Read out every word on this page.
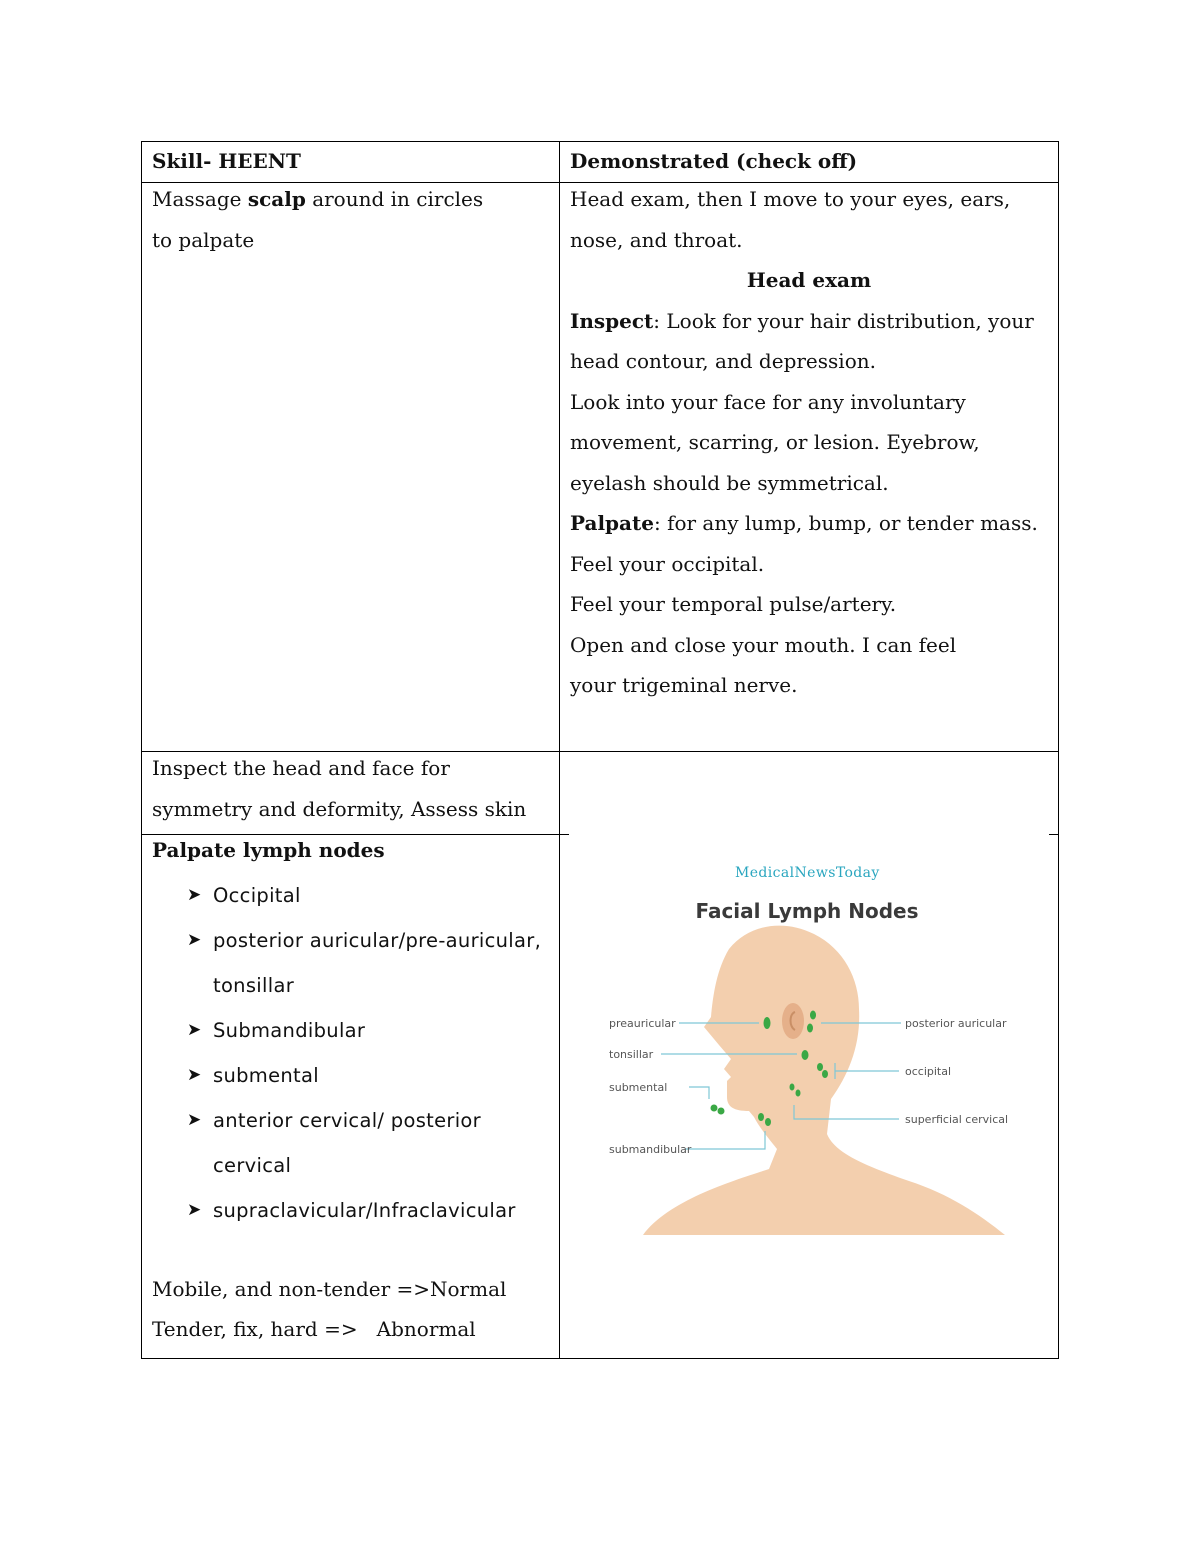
Skill- HEENT	Demonstrated (check off)
Massage scalp around in circles to palpate
Head exam, then I move to your eyes, ears, nose, and throat.
Head exam
Inspect: Look for your hair distribution, your head contour, and depression.
Look into your face for any involuntary movement, scarring, or lesion. Eyebrow, eyelash should be symmetrical.
Palpate: for any lump, bump, or tender mass.
Feel your occipital.
Feel your temporal pulse/artery.
Open and close your mouth. I can feel your trigeminal nerve.
Inspect the head and face for symmetry and deformity, Assess skin
Palpate lymph nodes
➤ Occipital
➤ posterior auricular/pre-auricular, tonsillar
➤ Submandibular
➤ submental
➤ anterior cervical/ posterior cervical
➤ supraclavicular/Infraclavicular
Mobile, and non-tender =>Normal
Tender, fix, hard =>   Abnormal
MedicalNewsToday
Facial Lymph Nodes
preauricular
tonsillar
submental
submandibular
posterior auricular
occipital
superficial cervical
